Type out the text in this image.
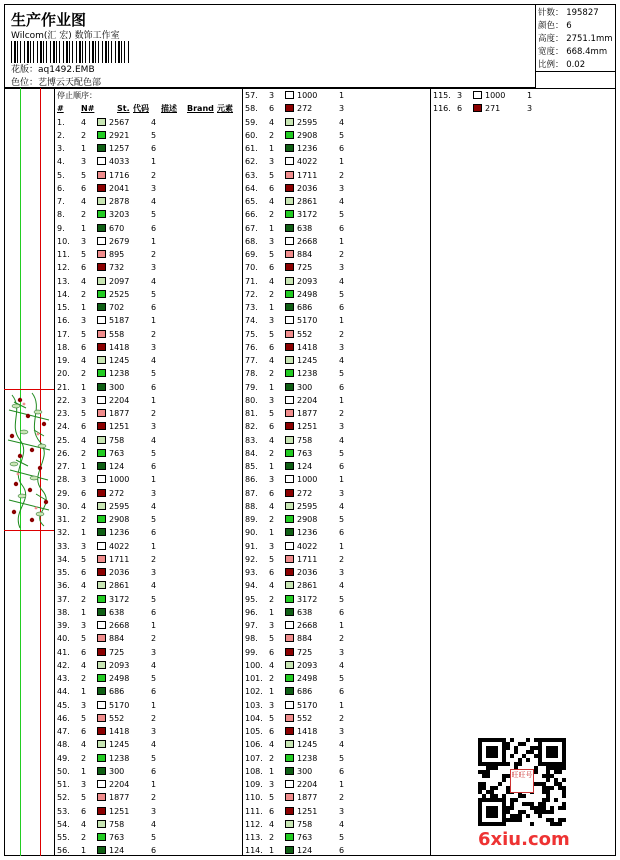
生产作业图
Wilcom(汇 宏) 数饰工作室
花版：aq1492.EMB
色位：艺博云天配色部
针数： 195827
颜色： 6
高度： 2751.1mm
宽度： 668.4mm
比例： 0.02
停止顺序：
# N#	St. 代码 描述 Brand 元素
1. 4	2567	4
2. 2	2921	5
3. 1	1257	6
4. 3	4033	1
5. 5	1716	2
6. 6	2041	3
7. 4	2878	4
8. 2	3203	5
9. 1	670	6
10. 3	2679	1
11. 5	895	2
12. 6	732	3
13. 4	2097	4
14. 2	2525	5
15. 1	702	6
16. 3	5187	1
17. 5	558	2
18. 6	1418	3
19. 4	1245	4
20. 2	1238	5
21. 1	300	6
22. 3	2204	1
23. 5	1877	2
24. 6	1251	3
25. 4	758	4
26. 2	763	5
27. 1	124	6
28. 3	1000	1
29. 6	272	3
30. 4	2595	4
31. 2	2908	5
32. 1	1236	6
33. 3	4022	1
34. 5	1711	2
35. 6	2036	3
36. 4	2861	4
37. 2	3172	5
38. 1	638	6
39. 3	2668	1
40. 5	884	2
41. 6	725	3
42. 4	2093	4
43. 2	2498	5
44. 1	686	6
45. 3	5170	1
46. 5	552	2
47. 6	1418	3
48. 4	1245	4
49. 2	1238	5
50. 1	300	6
51. 3	2204	1
52. 5	1877	2
53. 6	1251	3
54. 4	758	4
55. 2	763	5
56. 1	124	6
57. 3	1000	1
58. 6	272	3
59. 4	2595	4
60. 2	2908	5
61. 1	1236	6
62. 3	4022	1
63. 5	1711	2
64. 6	2036	3
65. 4	2861	4
66. 2	3172	5
67. 1	638	6
68. 3	2668	1
69. 5	884	2
70. 6	725	3
71. 4	2093	4
72. 2	2498	5
73. 1	686	6
74. 3	5170	1
75. 5	552	2
76. 6	1418	3
77. 4	1245	4
78. 2	1238	5
79. 1	300	6
80. 3	2204	1
81. 5	1877	2
82. 6	1251	3
83. 4	758	4
84. 2	763	5
85. 1	124	6
86. 3	1000	1
87. 6	272	3
88. 4	2595	4
89. 2	2908	5
90. 1	1236	6
91. 3	4022	1
92. 5	1711	2
93. 6	2036	3
94. 4	2861	4
95. 2	3172	5
96. 1	638	6
97. 3	2668	1
98. 5	884	2
99. 6	725	3
100. 4	2093	4
101. 2	2498	5
102. 1	686	6
103. 3	5170	1
104. 5	552	2
105. 6	1418	3
106. 4	1245	4
107. 2	1238	5
108. 1	300	6
109. 3	2204	1
110. 5	1877	2
111. 6	1251	3
112. 4	758	4
113. 2	763	5
114. 1	124	6
115. 3	1000	1
116. 6	271	3
旺旺号
6xiu.com
